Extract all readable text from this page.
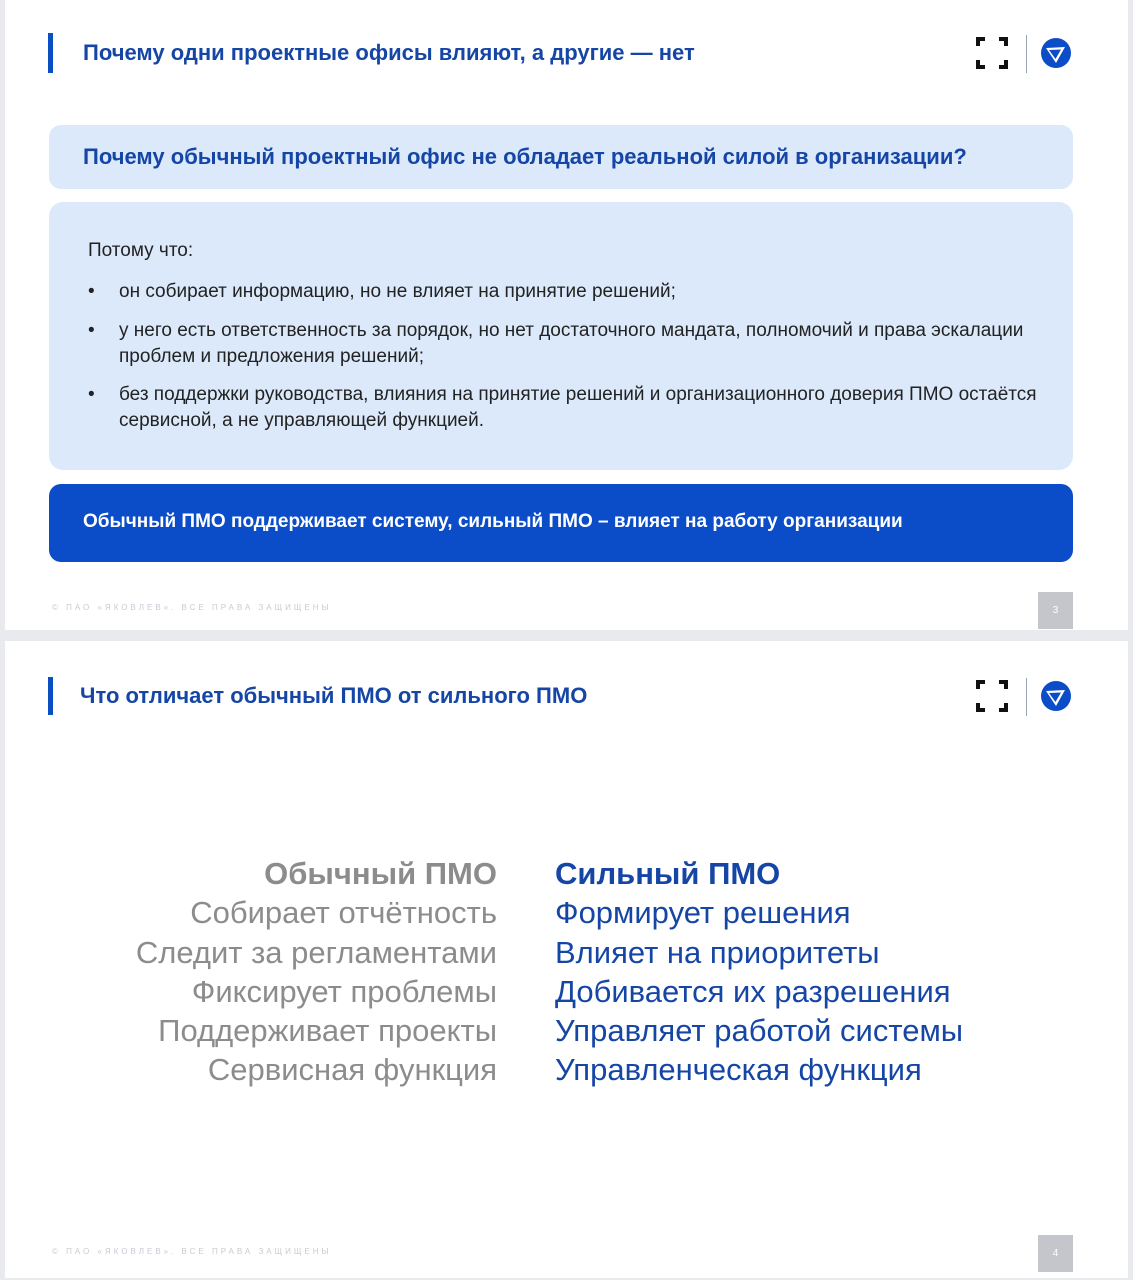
Почему одни проектные офисы влияют, а другие — нет
Почему обычный проектный офис не обладает реальной силой в организации?
Потому что:
• он собирает информацию, но не влияет на принятие решений;
• у него есть ответственность за порядок, но нет достаточного мандата, полномочий и права эскалации проблем и предложения решений;
• без поддержки руководства, влияния на принятие решений и организационного доверия ПМО остаётся сервисной, а не управляющей функцией.
Обычный ПМО поддерживает систему, сильный ПМО – влияет на работу организации
© ПАО «ЯКОВЛЕВ». ВСЕ ПРАВА ЗАЩИЩЕНЫ	3
Что отличает обычный ПМО от сильного ПМО
Обычный ПМО
Собирает отчётность
Следит за регламентами
Фиксирует проблемы
Поддерживает проекты
Сервисная функция
Сильный ПМО
Формирует решения
Влияет на приоритеты
Добивается их разрешения
Управляет работой системы
Управленческая функция
© ПАО «ЯКОВЛЕВ». ВСЕ ПРАВА ЗАЩИЩЕНЫ	4
